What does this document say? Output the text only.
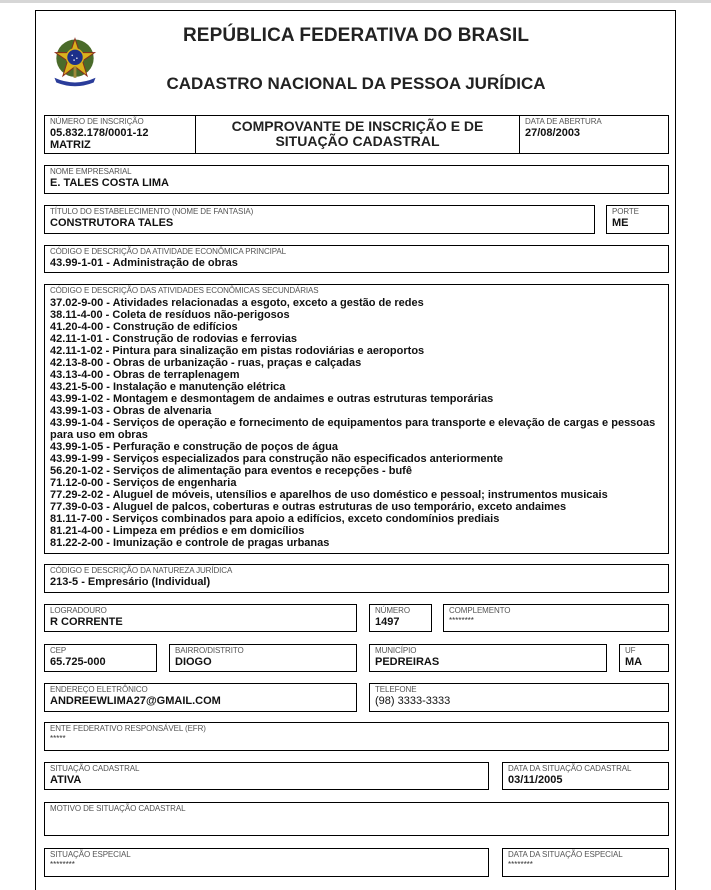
REPÚBLICA FEDERATIVA DO BRASIL
CADASTRO NACIONAL DA PESSOA JURÍDICA
NÚMERO DE INSCRIÇÃO
05.832.178/0001-12
MATRIZ
COMPROVANTE DE INSCRIÇÃO E DE SITUAÇÃO CADASTRAL
DATA DE ABERTURA
27/08/2003
NOME EMPRESARIAL
E. TALES COSTA LIMA
TÍTULO DO ESTABELECIMENTO (NOME DE FANTASIA)
CONSTRUTORA TALES
PORTE
ME
CÓDIGO E DESCRIÇÃO DA ATIVIDADE ECONÔMICA PRINCIPAL
43.99-1-01 - Administração de obras
CÓDIGO E DESCRIÇÃO DAS ATIVIDADES ECONÔMICAS SECUNDÁRIAS
37.02-9-00 - Atividades relacionadas a esgoto, exceto a gestão de redes
38.11-4-00 - Coleta de resíduos não-perigosos
41.20-4-00 - Construção de edifícios
42.11-1-01 - Construção de rodovias e ferrovias
42.11-1-02 - Pintura para sinalização em pistas rodoviárias e aeroportos
42.13-8-00 - Obras de urbanização - ruas, praças e calçadas
43.13-4-00 - Obras de terraplenagem
43.21-5-00 - Instalação e manutenção elétrica
43.99-1-02 - Montagem e desmontagem de andaimes e outras estruturas temporárias
43.99-1-03 - Obras de alvenaria
43.99-1-04 - Serviços de operação e fornecimento de equipamentos para transporte e elevação de cargas e pessoas para uso em obras
43.99-1-05 - Perfuração e construção de poços de água
43.99-1-99 - Serviços especializados para construção não especificados anteriormente
56.20-1-02 - Serviços de alimentação para eventos e recepções - bufê
71.12-0-00 - Serviços de engenharia
77.29-2-02 - Aluguel de móveis, utensílios e aparelhos de uso doméstico e pessoal; instrumentos musicais
77.39-0-03 - Aluguel de palcos, coberturas e outras estruturas de uso temporário, exceto andaimes
81.11-7-00 - Serviços combinados para apoio a edifícios, exceto condomínios prediais
81.21-4-00 - Limpeza em prédios e em domicílios
81.22-2-00 - Imunização e controle de pragas urbanas
CÓDIGO E DESCRIÇÃO DA NATUREZA JURÍDICA
213-5 - Empresário (Individual)
LOGRADOURO
R CORRENTE
NÚMERO
1497
COMPLEMENTO
********
CEP
65.725-000
BAIRRO/DISTRITO
DIOGO
MUNICÍPIO
PEDREIRAS
UF
MA
ENDEREÇO ELETRÔNICO
ANDREEWLIMA27@GMAIL.COM
TELEFONE
(98) 3333-3333
ENTE FEDERATIVO RESPONSÁVEL (EFR)
*****
SITUAÇÃO CADASTRAL
ATIVA
DATA DA SITUAÇÃO CADASTRAL
03/11/2005
MOTIVO DE SITUAÇÃO CADASTRAL
SITUAÇÃO ESPECIAL
********
DATA DA SITUAÇÃO ESPECIAL
********
